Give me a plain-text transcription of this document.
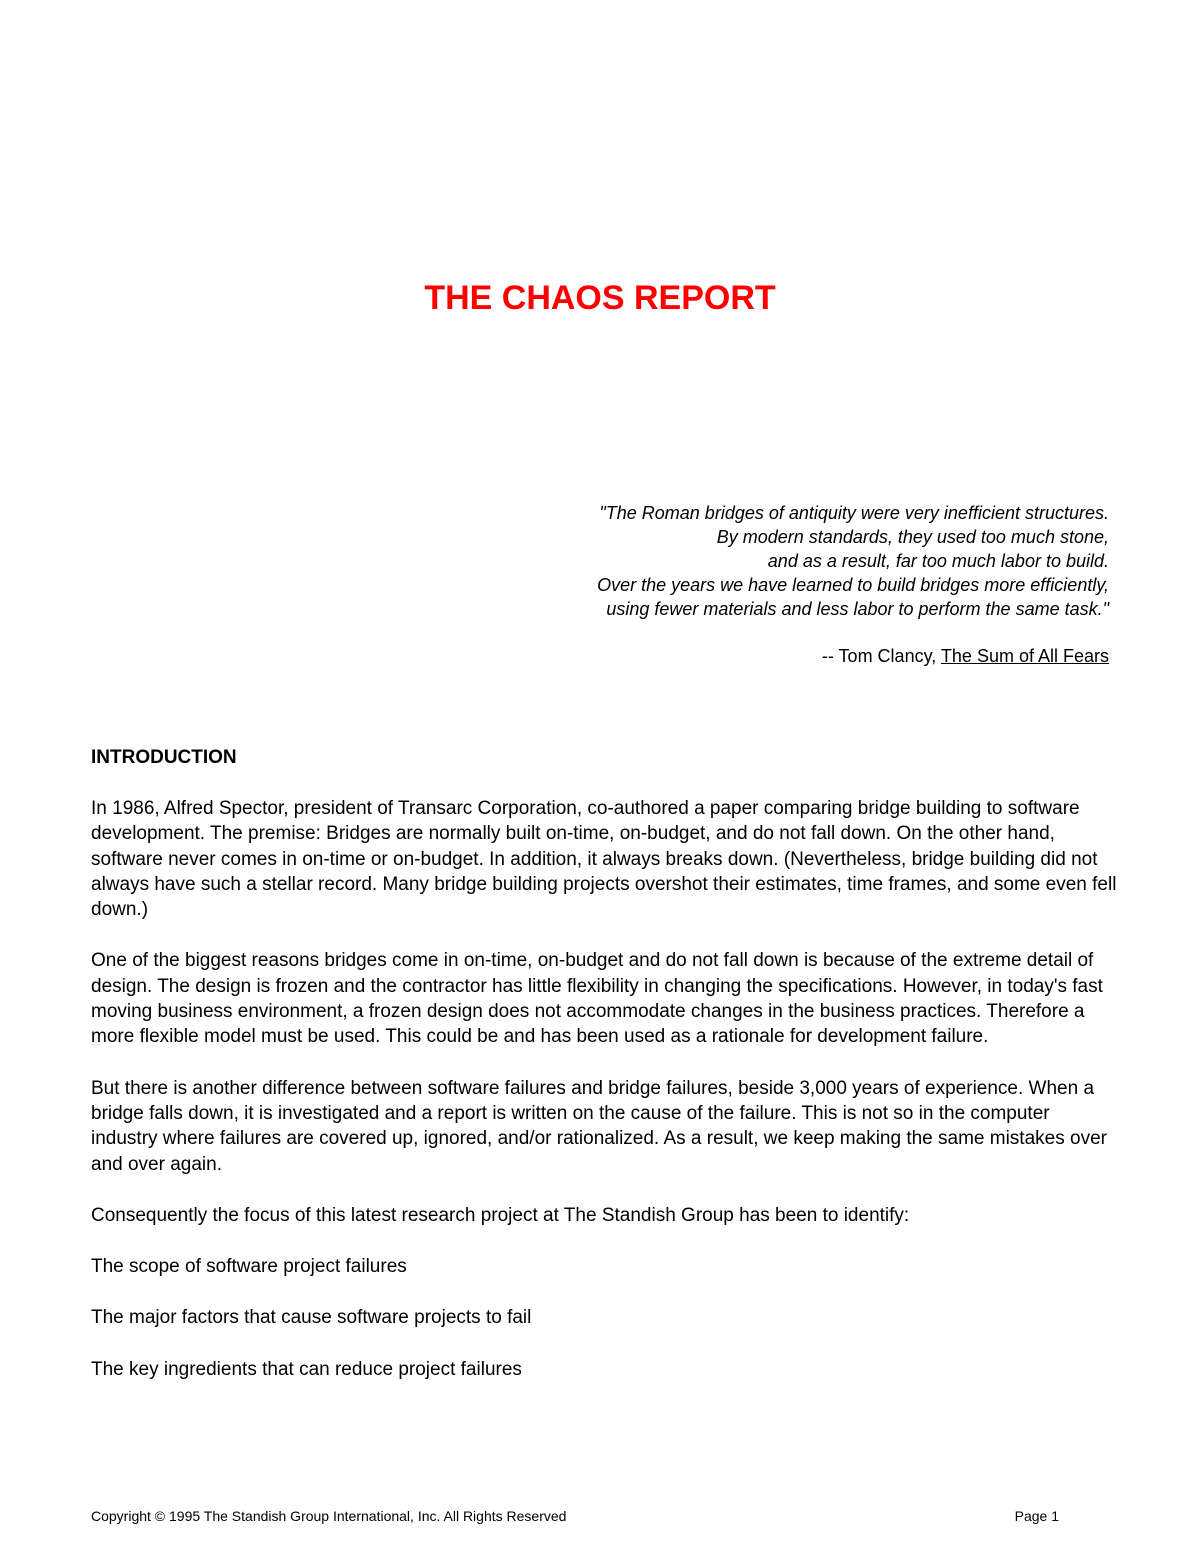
THE CHAOS REPORT
"The Roman bridges of antiquity were very inefficient structures.
By modern standards, they used too much stone,
and as a result, far too much labor to build.
Over the years we have learned to build bridges more efficiently,
using fewer materials and less labor to perform the same task."
-- Tom Clancy, The Sum of All Fears
INTRODUCTION

In 1986, Alfred Spector, president of Transarc Corporation, co-authored a paper comparing bridge building to software development. The premise: Bridges are normally built on-time, on-budget, and do not fall down. On the other hand, software never comes in on-time or on-budget. In addition, it always breaks down. (Nevertheless, bridge building did not always have such a stellar record. Many bridge building projects overshot their estimates, time frames, and some even fell down.)

One of the biggest reasons bridges come in on-time, on-budget and do not fall down is because of the extreme detail of design. The design is frozen and the contractor has little flexibility in changing the specifications. However, in today's fast moving business environment, a frozen design does not accommodate changes in the business practices. Therefore a more flexible model must be used. This could be and has been used as a rationale for development failure.

But there is another difference between software failures and bridge failures, beside 3,000 years of experience. When a bridge falls down, it is investigated and a report is written on the cause of the failure. This is not so in the computer industry where failures are covered up, ignored, and/or rationalized. As a result, we keep making the same mistakes over and over again.

Consequently the focus of this latest research project at The Standish Group has been to identify:

The scope of software project failures

The major factors that cause software projects to fail

The key ingredients that can reduce project failures

Copyright © 1995 The Standish Group International, Inc. All Rights Reserved	Page 1
